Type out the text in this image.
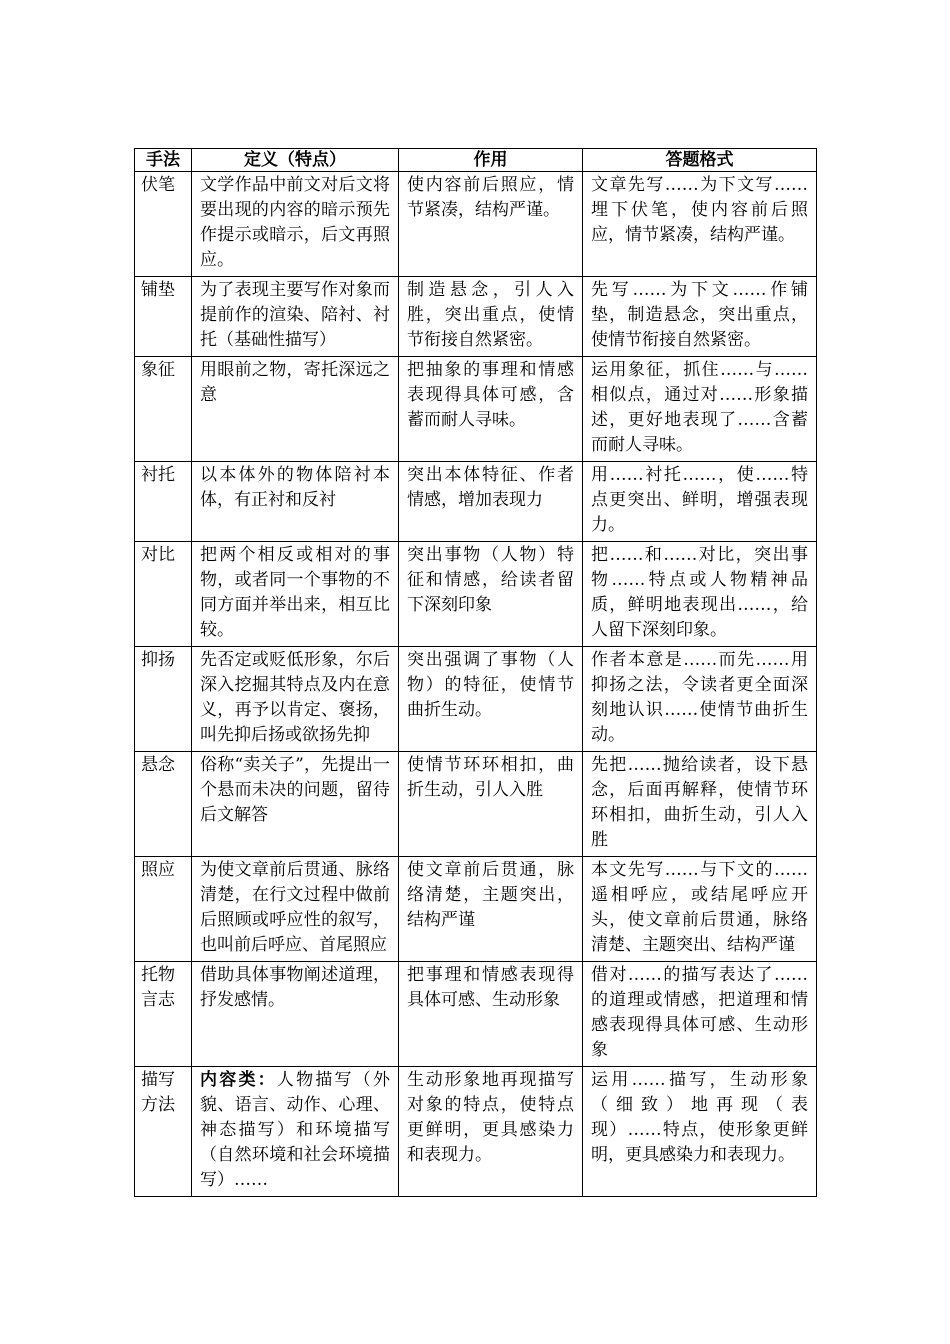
手法	定义（特点）	作用	答题格式
伏笔	文学作品中前文对后文将要出现的内容的暗示预先作提示或暗示，后文再照应。	使内容前后照应，情节紧凑，结构严谨。	文章先写……为下文写……埋下伏笔，使内容前后照应，情节紧凑，结构严谨。
铺垫	为了表现主要写作对象而提前作的渲染、陪衬、衬托（基础性描写）	制造悬念，引人入胜，突出重点，使情节衔接自然紧密。	先写……为下文……作铺垫，制造悬念，突出重点，使情节衔接自然紧密。
象征	用眼前之物，寄托深远之意	把抽象的事理和情感表现得具体可感，含蓄而耐人寻味。	运用象征，抓住……与……相似点，通过对……形象描述，更好地表现了……含蓄而耐人寻味。
衬托	以本体外的物体陪衬本体，有正衬和反衬	突出本体特征、作者情感，增加表现力	用……衬托……，使……特点更突出、鲜明，增强表现力。
对比	把两个相反或相对的事物，或者同一个事物的不同方面并举出来，相互比较。	突出事物（人物）特征和情感，给读者留下深刻印象	把……和……对比，突出事物……特点或人物精神品质，鲜明地表现出……，给人留下深刻印象。
抑扬	先否定或贬低形象，尔后深入挖掘其特点及内在意义，再予以肯定、褒扬，叫先抑后扬或欲扬先抑	突出强调了事物（人物）的特征，使情节曲折生动。	作者本意是……而先……用抑扬之法，令读者更全面深刻地认识……使情节曲折生动。
悬念	俗称“卖关子”，先提出一个悬而未决的问题，留待后文解答	使情节环环相扣，曲折生动，引人入胜	先把……抛给读者，设下悬念，后面再解释，使情节环环相扣，曲折生动，引人入胜
照应	为使文章前后贯通、脉络清楚，在行文过程中做前后照顾或呼应性的叙写，也叫前后呼应、首尾照应	使文章前后贯通，脉络清楚，主题突出，结构严谨	本文先写……与下文的……遥相呼应，或结尾呼应开头，使文章前后贯通，脉络清楚、主题突出、结构严谨
托物言志	借助具体事物阐述道理，抒发感情。	把事理和情感表现得具体可感、生动形象	借对……的描写表达了……的道理或情感，把道理和情感表现得具体可感、生动形象
描写方法	内容类：人物描写（外貌、语言、动作、心理、神态描写）和环境描写（自然环境和社会环境描写）……	生动形象地再现描写对象的特点，使特点更鲜明，更具感染力和表现力。	运用……描写，生动形象（细致）地再现（表现）……特点，使形象更鲜明，更具感染力和表现力。
